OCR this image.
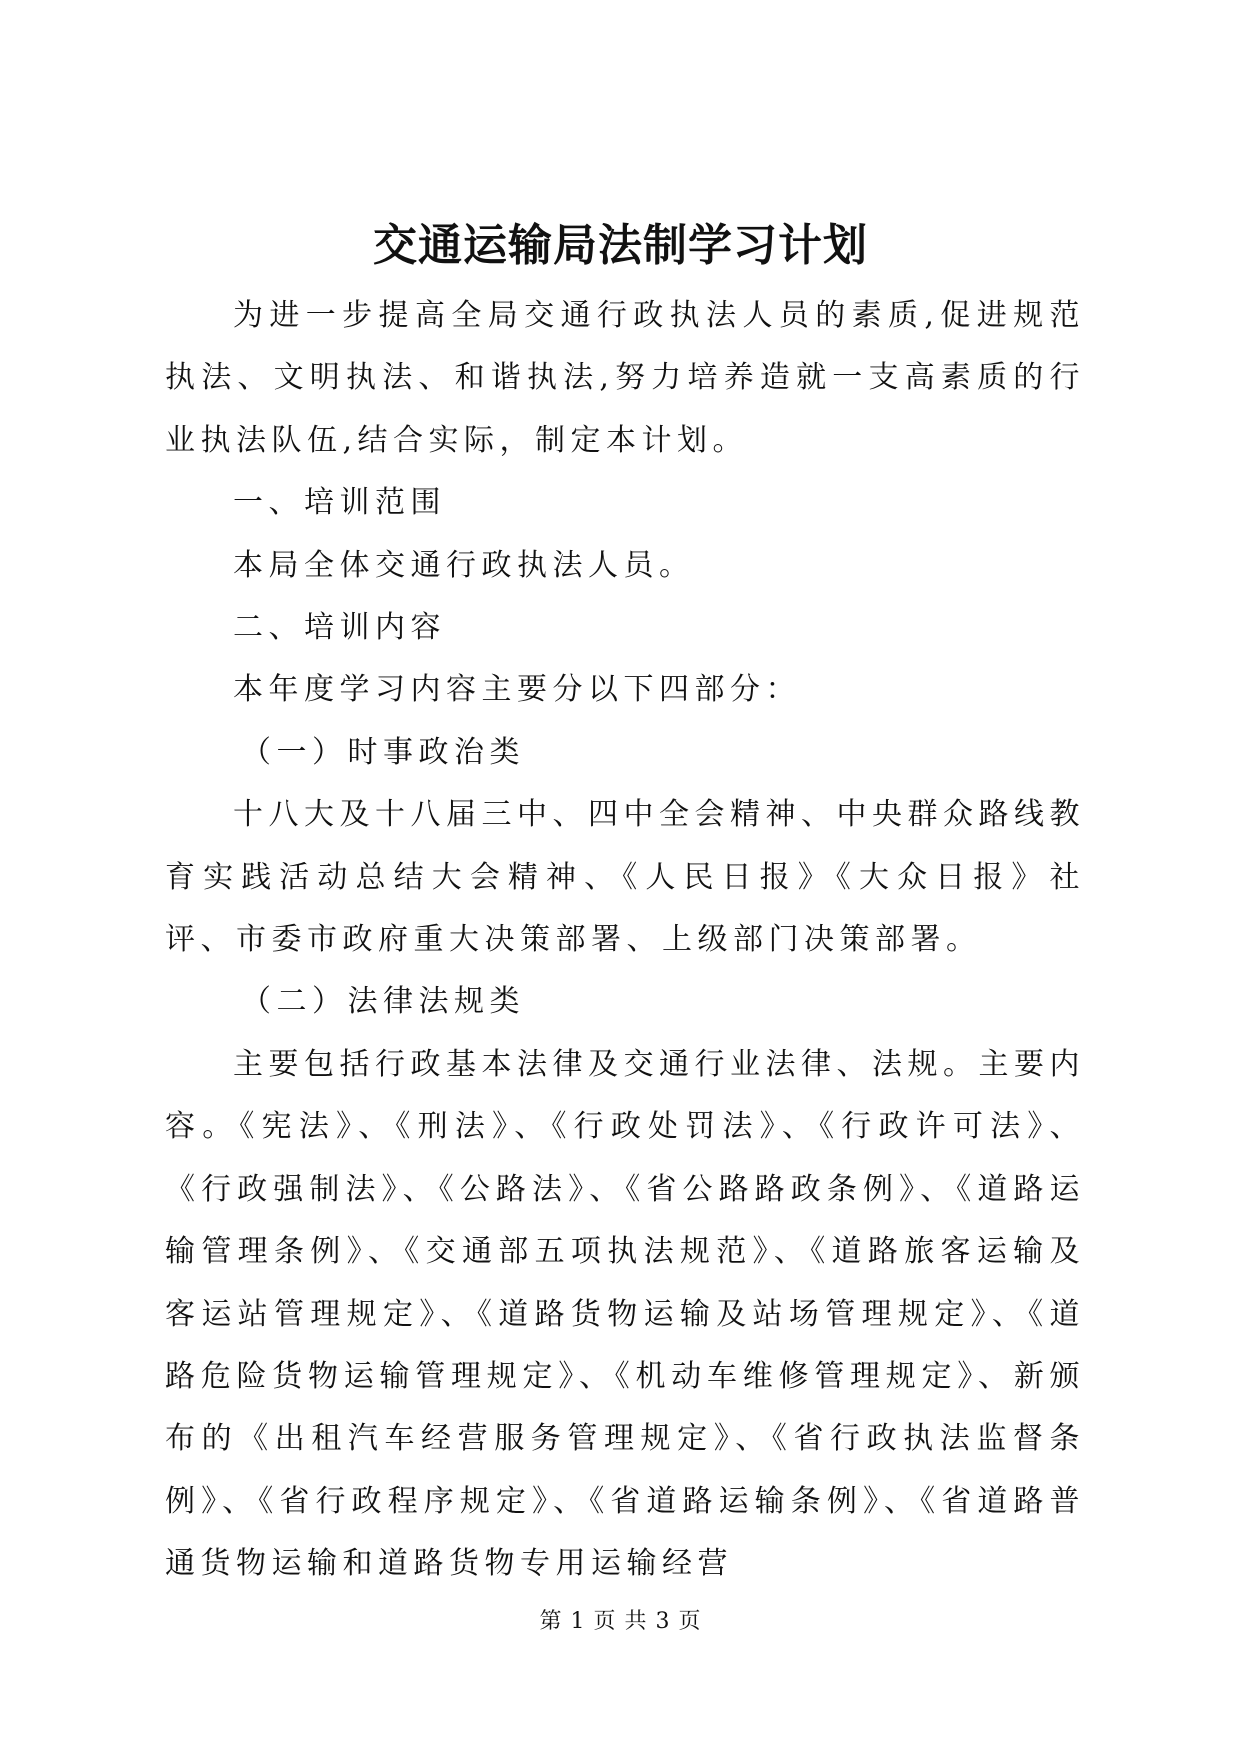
交通运输局法制学习计划

为进一步提高全局交通行政执法人员的素质,促进规范执法、文明执法、和谐执法,努力培养造就一支高素质的行业执法队伍,结合实际，制定本计划。

一、培训范围

本局全体交通行政执法人员。

二、培训内容

本年度学习内容主要分以下四部分：

（一）时事政治类

十八大及十八届三中、四中全会精神、中央群众路线教育实践活动总结大会精神、《人民日报》《大众日报》社评、市委市政府重大决策部署、上级部门决策部署。

（二）法律法规类

主要包括行政基本法律及交通行业法律、法规。主要内容。《宪法》、《刑法》、《行政处罚法》、《行政许可法》、《行政强制法》、《公路法》、《省公路路政条例》、《道路运输管理条例》、《交通部五项执法规范》、《道路旅客运输及客运站管理规定》、《道路货物运输及站场管理规定》、《道路危险货物运输管理规定》、《机动车维修管理规定》、新颁布的《出租汽车经营服务管理规定》、《省行政执法监督条例》、《省行政程序规定》、《省道路运输条例》、《省道路普通货物运输和道路货物专用运输经营

第 1 页 共 3 页
